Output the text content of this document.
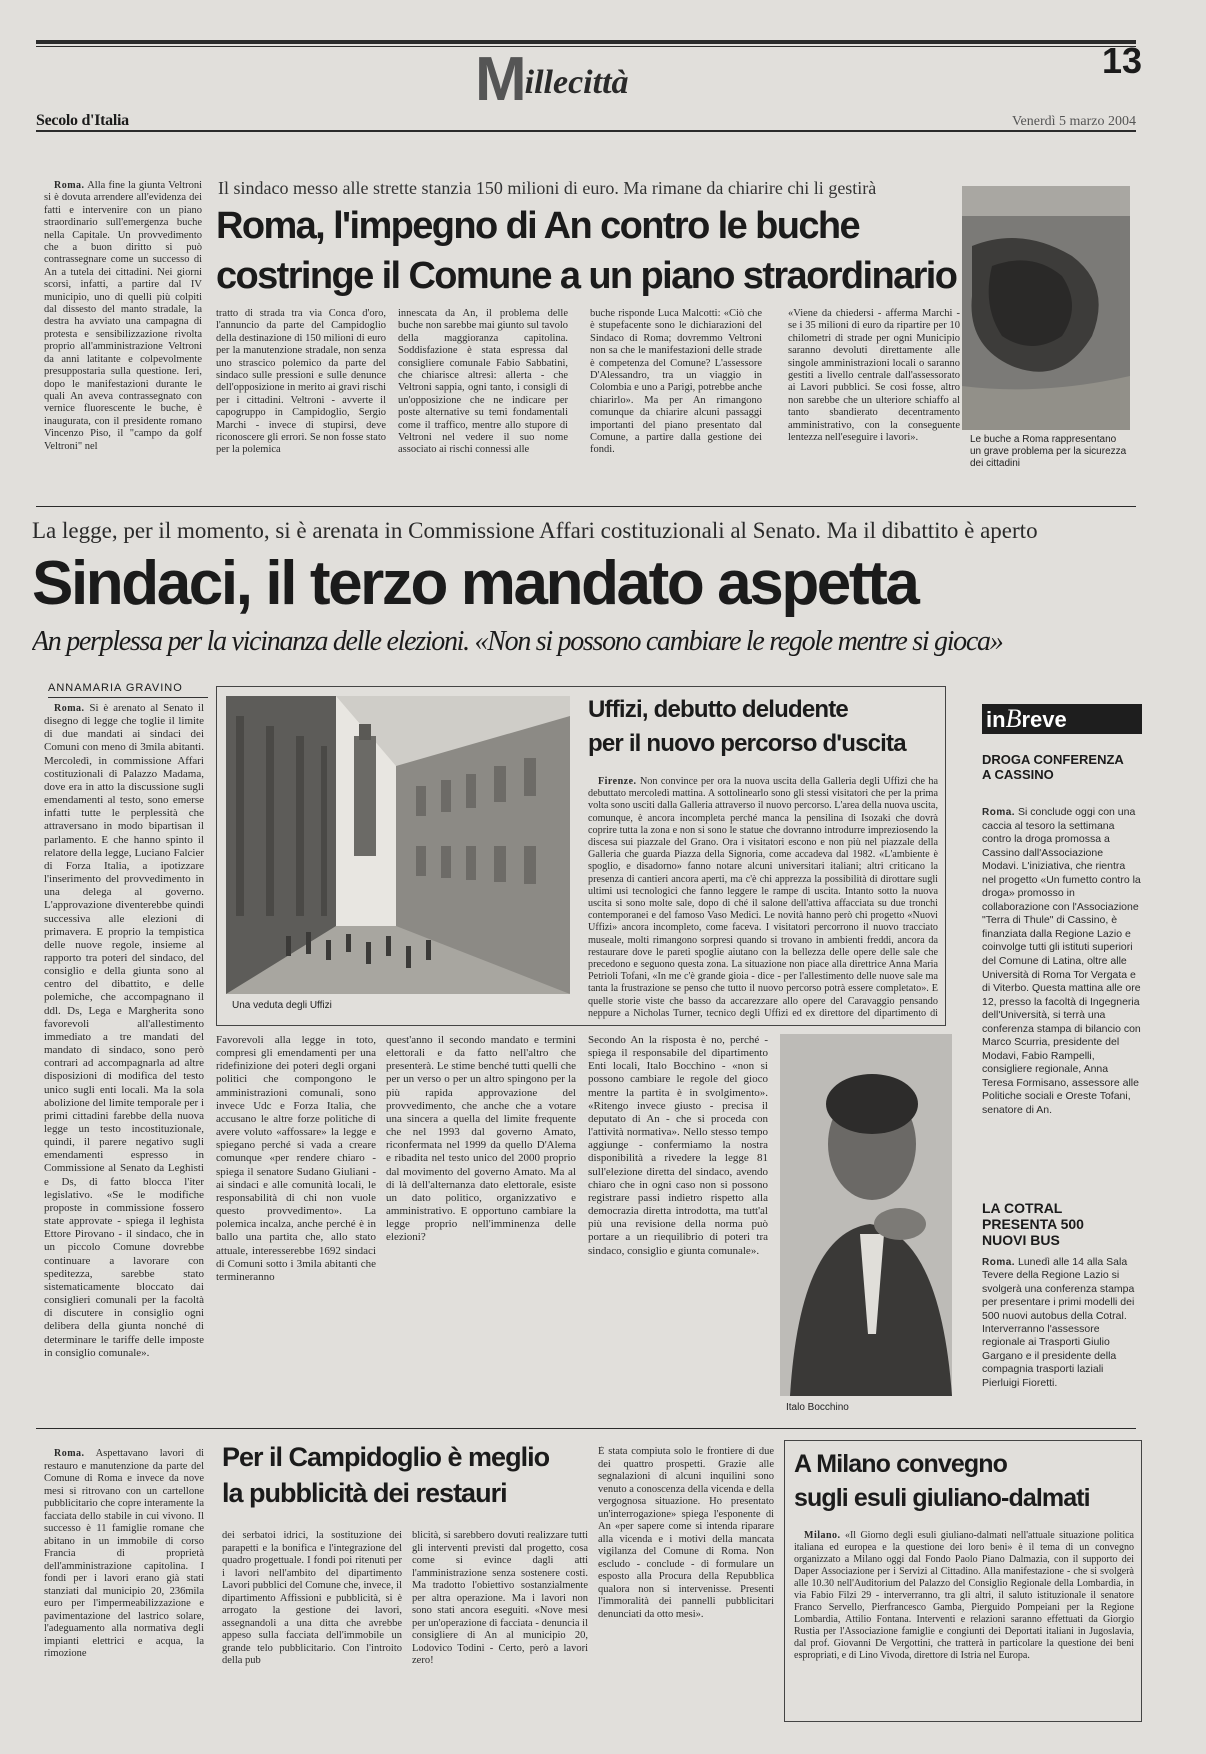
Millecittà
13
Secolo d'Italia	Venerdì 5 marzo 2004

Roma. Alla fine la giunta Veltroni si è dovuta arrendere all'evidenza dei fatti e intervenire con un piano straordinario sull'emergenza buche nella Capitale. Un provvedimento che a buon diritto si può contrassegnare come un successo di An a tutela dei cittadini. Nei giorni scorsi, infatti, a partire dal IV municipio, uno di quelli più colpiti dal dissesto del manto stradale, la destra ha avviato una campagna di protesta e sensibilizzazione rivolta proprio all'amministrazione Veltroni da anni latitante e colpevolmente presuppostaria sulla questione. Ieri, dopo le manifestazioni durante le quali An aveva contrassegnato con vernice fluorescente le buche, è inaugurata, con il presidente romano Vincenzo Piso, il "campo da golf Veltroni" nel

Il sindaco messo alle strette stanzia 150 milioni di euro. Ma rimane da chiarire chi li gestirà
Roma, l'impegno di An contro le buche
costringe il Comune a un piano straordinario
tratto di strada tra via Conca d'oro, l'annuncio da parte del Campidoglio della destinazione di 150 milioni di euro per la manutenzione stradale, non senza uno strascico polemico da parte del sindaco sulle pressioni e sulle denunce dell'opposizione in merito ai gravi rischi per i cittadini. Veltroni - avverte il capogruppo in Campidoglio, Sergio Marchi - invece di stupirsi, deve riconoscere gli errori. Se non fosse stato per la polemica
innescata da An, il problema delle buche non sarebbe mai giunto sul tavolo della maggioranza capitolina. Soddisfazione è stata espressa dal consigliere comunale Fabio Sabbatini, che chiarisce altresì: allerta - che Veltroni sappia, ogni tanto, i consigli di un'opposizione che ne indicare per poste alternative su temi fondamentali come il traffico, mentre allo stupore di Veltroni nel vedere il suo nome associato ai rischi connessi alle
buche risponde Luca Malcotti: «Ciò che è stupefacente sono le dichiarazioni del Sindaco di Roma; dovremmo Veltroni non sa che le manifestazioni delle strade è competenza del Comune? L'assessore D'Alessandro, tra un viaggio in Colombia e uno a Parigi, potrebbe anche chiarirlo». Ma per An rimangono comunque da chiarire alcuni passaggi importanti del piano presentato dal Comune, a partire dalla gestione dei fondi.
«Viene da chiedersi - afferma Marchi - se i 35 milioni di euro da ripartire per 10 chilometri di strade per ogni Municipio saranno devoluti direttamente alle singole amministrazioni locali o saranno gestiti a livello centrale dall'assessorato ai Lavori pubblici. Se così fosse, altro non sarebbe che un ulteriore schiaffo al tanto sbandierato decentramento amministrativo, con la conseguente lentezza nell'eseguire i lavori».	Le buche a Roma rappresentano un grave problema per la sicurezza dei cittadini
La legge, per il momento, si è arenata in Commissione Affari costituzionali al Senato. Ma il dibattito è aperto
Sindaci, il terzo mandato aspetta
An perplessa per la vicinanza delle elezioni. «Non si possono cambiare le regole mentre si gioca»
ANNAMARIA GRAVINO

Roma. Si è arenato al Senato il disegno di legge che toglie il limite di due mandati ai sindaci dei Comuni con meno di 3mila abitanti. Mercoledì, in commissione Affari costituzionali di Palazzo Madama, dove era in atto la discussione sugli emendamenti al testo, sono emerse infatti tutte le perplessità che attraversano in modo bipartisan il parlamento. E che hanno spinto il relatore della legge, Luciano Falcier di Forza Italia, a ipotizzare l'inserimento del provvedimento in una delega al governo. L'approvazione diventerebbe quindi successiva alle elezioni di primavera. E proprio la tempistica delle nuove regole, insieme al rapporto tra poteri del sindaco, del consiglio e della giunta sono al centro del dibattito, e delle polemiche, che accompagnano il ddl. Ds, Lega e Margherita sono favorevoli all'allestimento immediato a tre mandati del mandato di sindaco, sono però contrari ad accompagnarla ad altre disposizioni di modifica del testo unico sugli enti locali. Ma la sola abolizione del limite temporale per i primi cittadini farebbe della nuova legge un testo incostituzionale, quindi, il parere negativo sugli emendamenti espresso in Commissione al Senato da Leghisti e Ds, di fatto blocca l'iter legislativo. «Se le modifiche proposte in commissione fossero state approvate - spiega il leghista Ettore Pirovano - il sindaco, che in un piccolo Comune dovrebbe continuare a lavorare con speditezza, sarebbe stato sistematicamente bloccato dai consiglieri comunali per la facoltà di discutere in consiglio ogni delibera della giunta nonché di determinare le tariffe delle imposte in consiglio comunale».

Una veduta degli Uffizi
Uffizi, debutto deludente
per il nuovo percorso d'uscita

Firenze. Non convince per ora la nuova uscita della Galleria degli Uffizi che ha debuttato mercoledì mattina. A sottolinearlo sono gli stessi visitatori che per la prima volta sono usciti dalla Galleria attraverso il nuovo percorso. L'area della nuova uscita, comunque, è ancora incompleta perché manca la pensilina di Isozaki che dovrà coprire tutta la zona e non si sono le statue che dovranno introdurre impreziosendo la discesa sui piazzale del Grano. Ora i visitatori escono e non più nel piazzale della Galleria che guarda Piazza della Signoria, come accadeva dal 1982. «L'ambiente è spoglio, e disadorno» fanno notare alcuni universitari italiani; altri criticano la presenza di cantieri ancora aperti, ma c'è chi apprezza la possibilità di dirottare sugli ultimi usi tecnologici che fanno leggere le rampe di uscita. Intanto sotto la nuova uscita si sono molte sale, dopo di ché il salone dell'attiva affacciata su due tronchi contemporanei e del famoso Vaso Medici. Le novità hanno però chi progetto «Nuovi Uffizi» ancora incompleto, come faceva. I visitatori percorrono il nuovo tracciato museale, molti rimangono sorpresi quando si trovano in ambienti freddi, ancora da restaurare dove le pareti spoglie aiutano con la bellezza delle opere delle sale che precedono e seguono questa zona. La situazione non piace alla direttrice Anna Maria Petrioli Tofani, «In me c'è grande gioia - dice - per l'allestimento delle nuove sale ma tanta la frustrazione se penso che tutto il nuovo percorso potrà essere completato». E quelle storie viste che basso da accarezzare allo opere del Caravaggio pensando neppure a Nicholas Turner, tecnico degli Uffizi ed ex direttore del dipartimento di

Favorevoli alla legge in toto, compresi gli emendamenti per una ridefinizione dei poteri degli organi politici che compongono le amministrazioni comunali, sono invece Udc e Forza Italia, che accusano le altre forze politiche di avere voluto «affossare» la legge e spiegano perché si vada a creare comunque «per rendere chiaro - spiega il senatore Sudano Giuliani - ai sindaci e alle comunità locali, le responsabilità di chi non vuole questo provvedimento». La polemica incalza, anche perché è in ballo una partita che, allo stato attuale, interesserebbe 1692 sindaci di Comuni sotto i 3mila abitanti che termineranno
quest'anno il secondo mandato e termini elettorali e da fatto nell'altro che presenterà. Le stime benché tutti quelli che per un verso o per un altro spingono per la più rapida approvazione del provvedimento, che anche che a votare una sincera a quella del limite frequente che nel 1993 dal governo Amato, riconfermata nel 1999 da quello D'Alema e ribadita nel testo unico del 2000 proprio dal movimento del governo Amato. Ma al di là dell'alternanza dato elettorale, esiste un dato politico, organizzativo e amministrativo. E opportuno cambiare la legge proprio nell'imminenza delle elezioni?
Secondo An la risposta è no, perché - spiega il responsabile del dipartimento Enti locali, Italo Bocchino - «non si possono cambiare le regole del gioco mentre la partita è in svolgimento». «Ritengo invece giusto - precisa il deputato di An - che si proceda con l'attività normativa». Nello stesso tempo aggiunge - confermiamo la nostra disponibilità a rivedere la legge 81 sull'elezione diretta del sindaco, avendo chiaro che in ogni caso non si possono registrare passi indietro rispetto alla democrazia diretta introdotta, ma tutt'al più una revisione della norma può portare a un riequilibrio di poteri tra sindaco, consiglio e giunta comunale».
Italo Bocchino
inBreve
DROGA CONFERENZA A CASSINO

Roma. Si conclude oggi con una caccia al tesoro la settimana contro la droga promossa a Cassino dall'Associazione Modavi. L'iniziativa, che rientra nel progetto «Un fumetto contro la droga» promosso in collaborazione con l'Associazione "Terra di Thule" di Cassino, è finanziata dalla Regione Lazio e coinvolge tutti gli istituti superiori del Comune di Latina, oltre alle Università di Roma Tor Vergata e di Viterbo. Questa mattina alle ore 12, presso la facoltà di Ingegneria dell'Università, si terrà una conferenza stampa di bilancio con Marco Scurria, presidente del Modavi, Fabio Rampelli, consigliere regionale, Anna Teresa Formisano, assessore alle Politiche sociali e Oreste Tofani, senatore di An.

LA COTRAL PRESENTA 500 NUOVI BUS

Roma. Lunedì alle 14 alla Sala Tevere della Regione Lazio si svolgerà una conferenza stampa per presentare i primi modelli dei 500 nuovi autobus della Cotral. Interverranno l'assessore regionale ai Trasporti Giulio Gargano e il presidente della compagnia trasporti laziali Pierluigi Fioretti.

Roma. Aspettavano lavori di restauro e manutenzione da parte del Comune di Roma e invece da nove mesi si ritrovano con un cartellone pubblicitario che copre interamente la facciata dello stabile in cui vivono. Il successo è 11 famiglie romane che abitano in un immobile di corso Francia di proprietà dell'amministrazione capitolina. I fondi per i lavori erano già stati stanziati dal municipio 20, 236mila euro per l'impermeabilizzazione e pavimentazione del lastrico solare, l'adeguamento alla normativa degli impianti elettrici e acqua, la rimozione

Per il Campidoglio è meglio
la pubblicità dei restauri
dei serbatoi idrici, la sostituzione dei parapetti e la bonifica e l'integrazione del quadro progettuale. I fondi poi ritenuti per i lavori nell'ambito del dipartimento Lavori pubblici del Comune che, invece, il dipartimento Affissioni e pubblicità, si è arrogato la gestione dei lavori, assegnandoli a una ditta che avrebbe appeso sulla facciata dell'immobile un grande telo pubblicitario. Con l'introito della pub
blicità, si sarebbero dovuti realizzare tutti gli interventi previsti dal progetto, cosa come si evince dagli atti l'amministrazione senza sostenere costi. Ma tradotto l'obiettivo sostanzialmente per altra operazione. Ma i lavori non sono stati ancora eseguiti. «Nove mesi per un'operazione di facciata - denuncia il consigliere di An al municipio 20, Lodovico Todini - Certo, però a lavori zero!
È stata compiuta solo le frontiere di due dei quattro prospetti. Grazie alle segnalazioni di alcuni inquilini sono venuto a conoscenza della vicenda e della vergognosa situazione. Ho presentato un'interrogazione» spiega l'esponente di An «per sapere come si intenda riparare alla vicenda e i motivi della mancata vigilanza del Comune di Roma. Non escludo - conclude - di formulare un esposto alla Procura della Repubblica qualora non si intervenisse. Presenti l'immoralità dei pannelli pubblicitari denunciati da otto mesi».
A Milano convegno
sugli esuli giuliano-dalmati

Milano. «Il Giorno degli esuli giuliano-dalmati nell'attuale situazione politica italiana ed europea e la questione dei loro beni» è il tema di un convegno organizzato a Milano oggi dal Fondo Paolo Piano Dalmazia, con il supporto dei Daper Associazione per i Servizi al Cittadino. Alla manifestazione - che si svolgerà alle 10.30 nell'Auditorium del Palazzo del Consiglio Regionale della Lombardia, in via Fabio Filzi 29 - interverranno, tra gli altri, il saluto istituzionale il senatore Franco Servello, Pierfrancesco Gamba, Pierguido Pompeiani per la Regione Lombardia, Attilio Fontana. Interventi e relazioni saranno effettuati da Giorgio Rustia per l'Associazione famiglie e congiunti dei Deportati italiani in Jugoslavia, dal prof. Giovanni De Vergottini, che tratterà in particolare la questione dei beni espropriati, e di Lino Vivoda, direttore di Istria nel Europa.
